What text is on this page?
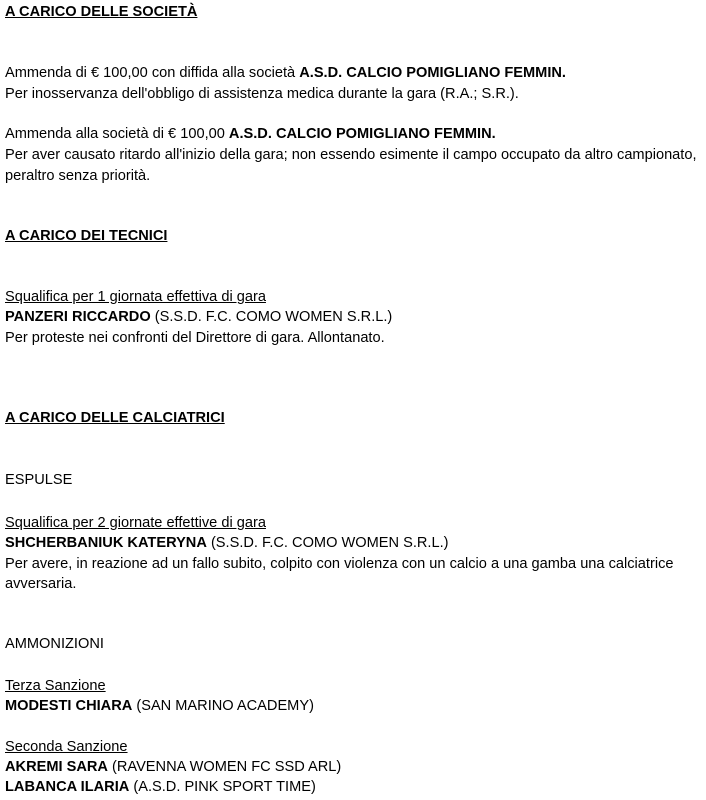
A CARICO DELLE SOCIETÀ
Ammenda di € 100,00 con diffida alla società A.S.D. CALCIO POMIGLIANO FEMMIN.
Per inosservanza dell'obbligo di assistenza medica durante la gara (R.A.; S.R.).
Ammenda alla società di € 100,00 A.S.D. CALCIO POMIGLIANO FEMMIN.
Per aver causato ritardo all'inizio della gara; non essendo esimente il campo occupato da altro campionato,
peraltro senza priorità.
A CARICO DEI TECNICI
Squalifica per 1 giornata effettiva di gara
PANZERI RICCARDO (S.S.D. F.C. COMO WOMEN S.R.L.)
Per proteste nei confronti del Direttore di gara. Allontanato.
A CARICO DELLE CALCIATRICI
ESPULSE
Squalifica per 2 giornate effettive di gara
SHCHERBANIUK KATERYNA (S.S.D. F.C. COMO WOMEN S.R.L.)
Per avere, in reazione ad un fallo subito, colpito con violenza con un calcio a una gamba una calciatrice
avversaria.
AMMONIZIONI
Terza Sanzione
MODESTI CHIARA (SAN MARINO ACADEMY)
Seconda Sanzione
AKREMI SARA (RAVENNA WOMEN FC SSD ARL)
LABANCA ILARIA (A.S.D. PINK SPORT TIME)
